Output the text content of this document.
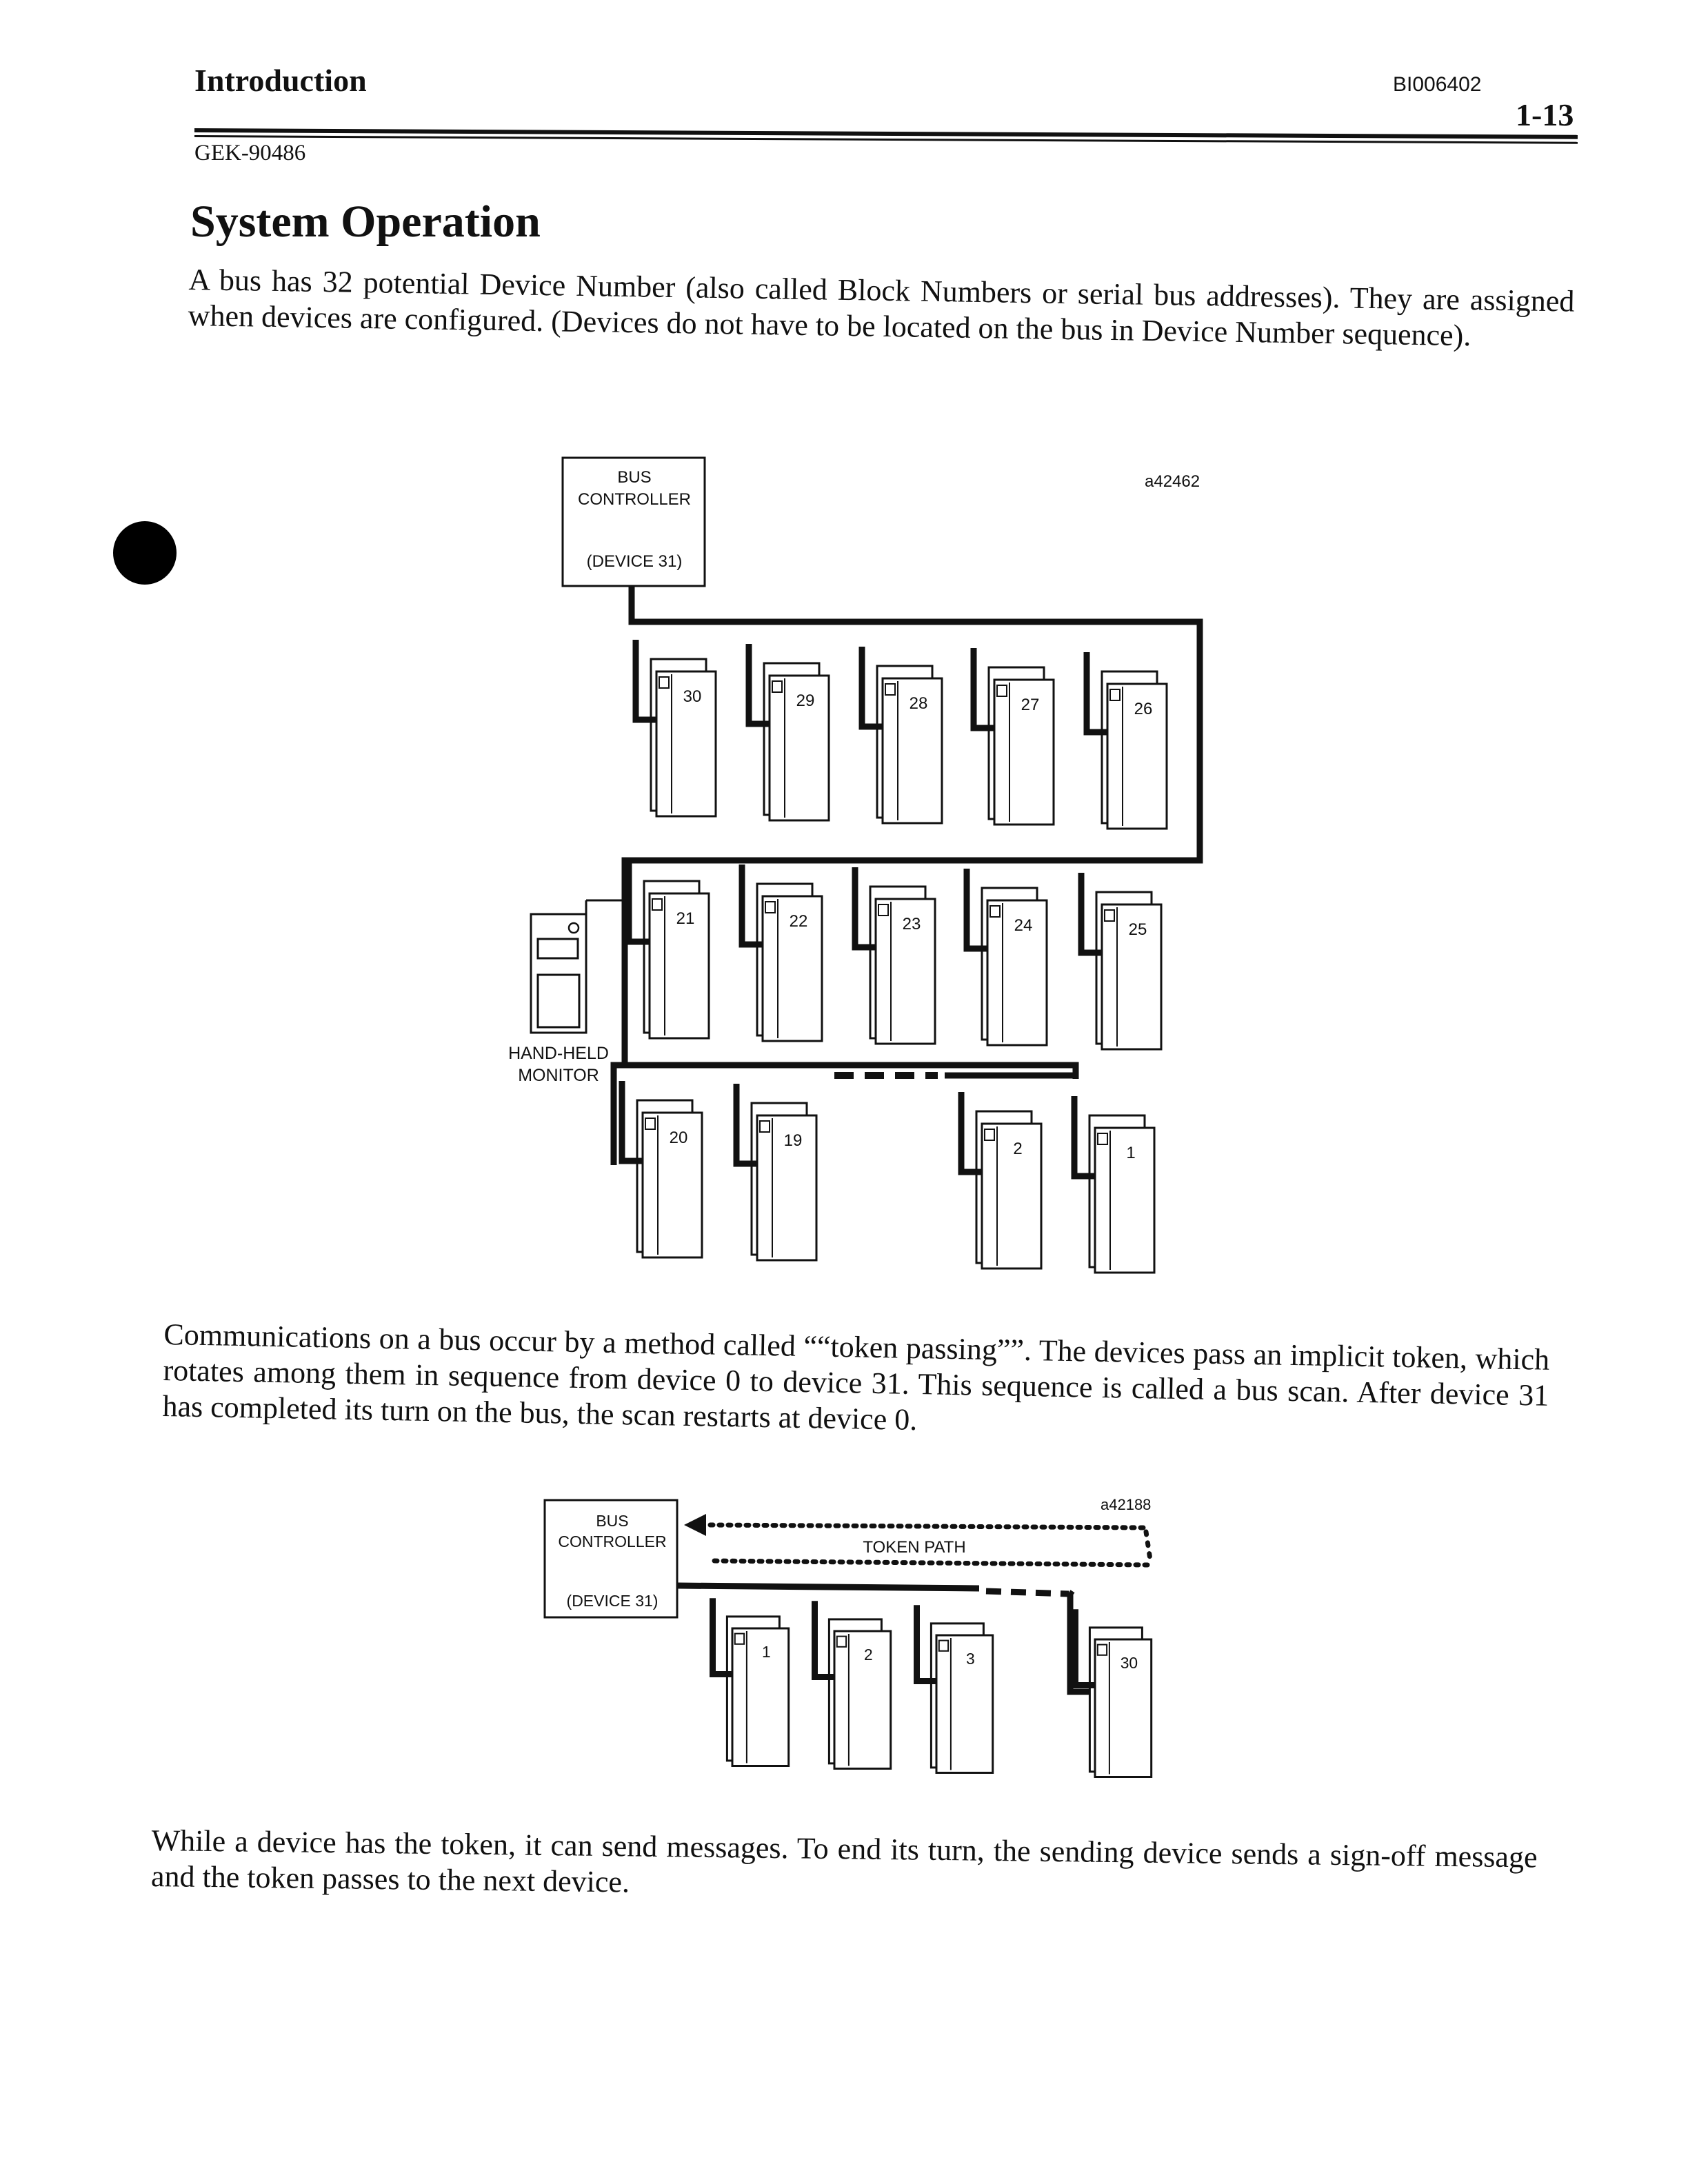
Introduction	BI006402
1-13
GEK-90486
System Operation
A bus has 32 potential Device Number (also called Block Numbers or serial bus addresses). They are assigned when devices are configured. (Devices do not have to be located on the bus in Device Number sequence).
BUS
CONTROLLER
(DEVICE 31)
a42462
30	29	28	27	26
21	22	23	24	25
20	19	2	1
HAND-HELD
MONITOR
BUS
CONTROLLER
(DEVICE 31)
a42188
TOKEN PATH
1	2	3	30
Communications on a bus occur by a method called ““token passing””. The devices pass an implicit token, which rotates among them in sequence from device 0 to device 31. This sequence is called a bus scan. After device 31 has completed its turn on the bus, the scan restarts at device 0.
While a device has the token, it can send messages. To end its turn, the sending device sends a sign-off message and the token passes to the next device.
